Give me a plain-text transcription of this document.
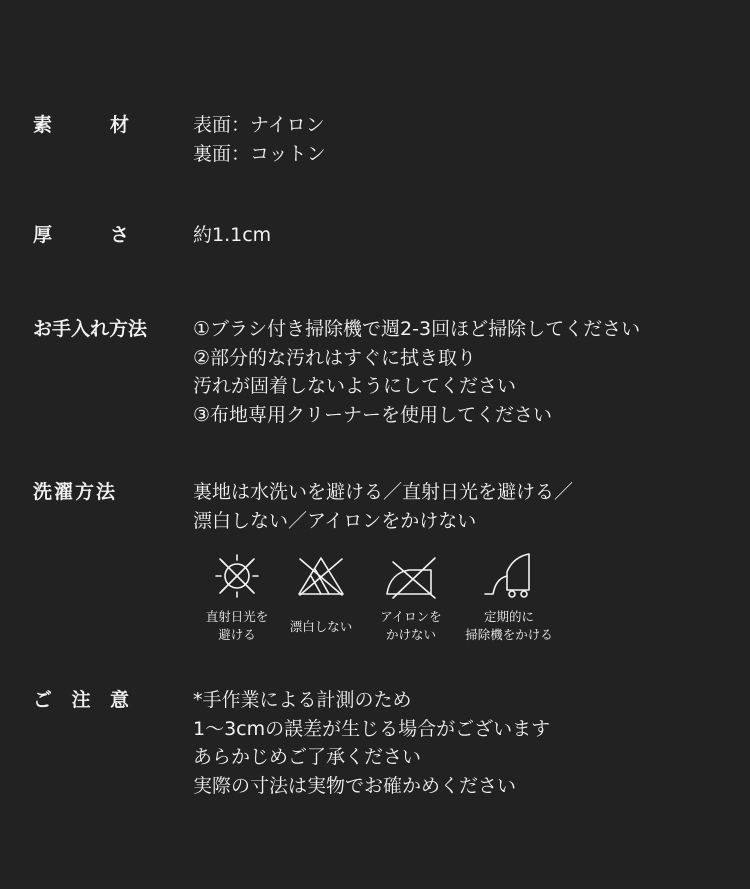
素	材	表面：ナイロン
裏面：コットン
厚	さ	約1.1cm
お手入れ方法 ①ブラシ付き掃除機で週2-3回ほど掃除してください
②部分的な汚れはすぐに拭き取り
汚れが固着しないようにしてください
③布地専用クリーナーを使用してください
洗濯方法	裏地は水洗いを避ける／直射日光を避ける／
漂白しない／アイロンをかけない
直射日光を
避ける
漂白しない
アイロンを
かけない
定期的に
掃除機をかける
ご 注 意	*手作業による計測のため
1～3cmの誤差が生じる場合がございます
あらかじめご了承ください
実際の寸法は実物でお確かめください
